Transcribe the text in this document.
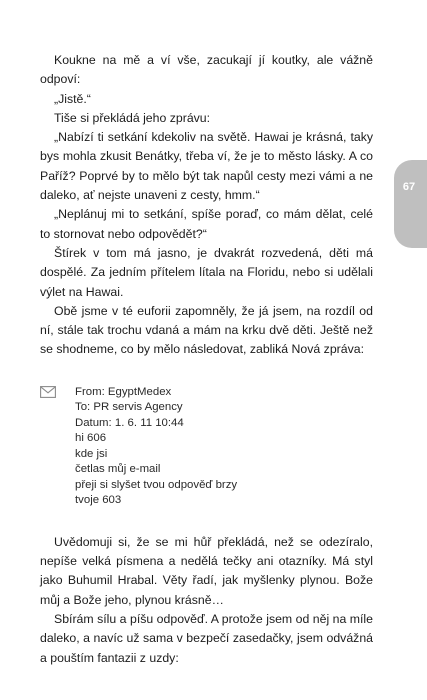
67

Koukne na mě a ví vše, zacukají jí koutky, ale vážně odpoví:

„Jistě.“

Tiše si překládá jeho zprávu:

„Nabízí ti setkání kdekoliv na světě. Hawai je krásná, taky bys mohla zkusit Benátky, třeba ví, že je to město lásky. A co Paříž? Poprvé by to mělo být tak napůl cesty mezi vámi a ne daleko, ať nejste unaveni z cesty, hmm.“

„Neplánuj mi to setkání, spíše poraď, co mám dělat, celé to stornovat nebo odpovědět?“

Štírek v tom má jasno, je dvakrát rozvedená, děti má dospělé. Za jedním přítelem lítala na Floridu, nebo si udělali výlet na Hawai.

Obě jsme v té euforii zapomněly, že já jsem, na rozdíl od ní, stále tak trochu vdaná a mám na krku dvě děti. Ještě než se shodneme, co by mělo následovat, zabliká Nová zpráva:

From: EgyptMedex
To: PR servis Agency
Datum: 1. 6. 11 10:44
hi 606
kde jsi
četlas můj e-mail
přeji si slyšet tvou odpověď brzy
tvoje 603

Uvědomuji si, že se mi hůř překládá, než se odezíralo, nepíše velká písmena a nedělá tečky ani otazníky. Má styl jako Buhumil Hrabal. Věty řadí, jak myšlenky plynou. Bože můj a Bože jeho, plynou krásně…

Sbírám sílu a píšu odpověď. A protože jsem od něj na míle daleko, a navíc už sama v bezpečí zasedačky, jsem odvážná a pouštím fantazii z uzdy:
